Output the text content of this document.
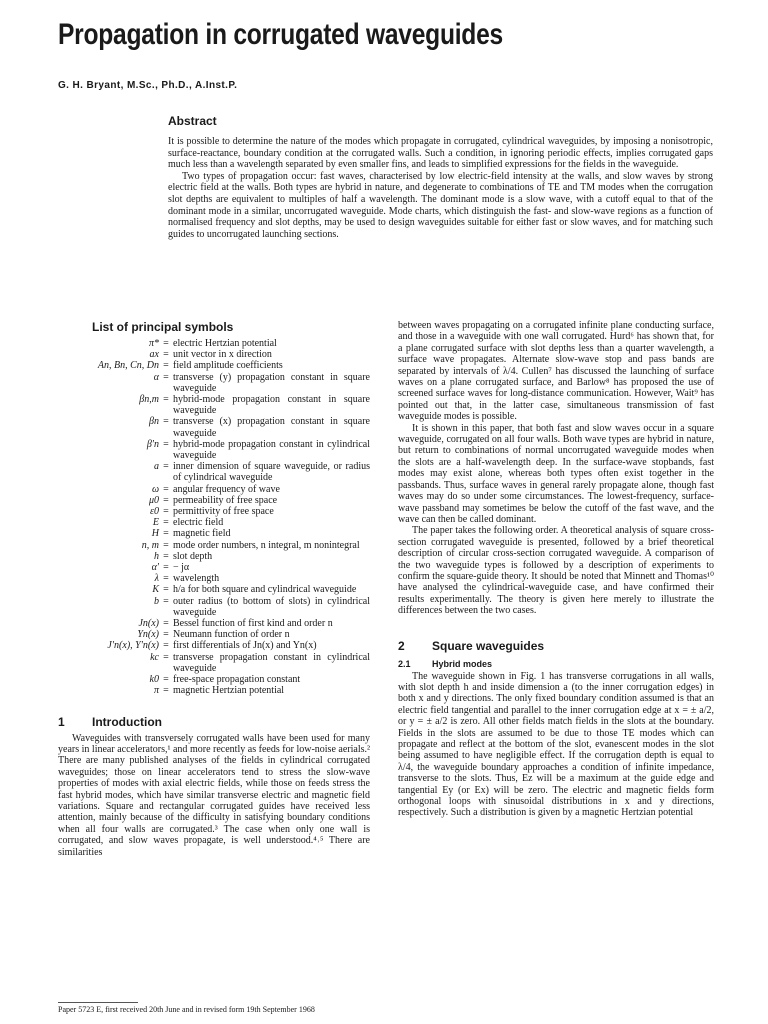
Propagation in corrugated waveguides
G. H. Bryant, M.Sc., Ph.D., A.Inst.P.
Abstract

It is possible to determine the nature of the modes which propagate in corrugated, cylindrical waveguides, by imposing a nonisotropic, surface-reactance, boundary condition at the corrugated walls. Such a condition, in ignoring periodic effects, implies corrugated gaps much less than a wavelength separated by even smaller fins, and leads to simplified expressions for the fields in the waveguide.

Two types of propagation occur: fast waves, characterised by low electric-field intensity at the walls, and slow waves by strong electric field at the walls. Both types are hybrid in nature, and degenerate to combinations of TE and TM modes when the corrugation slot depths are equivalent to multiples of half a wavelength. The dominant mode is a slow wave, with a cutoff equal to that of the dominant mode in a similar, uncorrugated waveguide. Mode charts, which distinguish the fast- and slow-wave regions as a function of normalised frequency and slot depths, may be used to design waveguides suitable for either fast or slow waves, and for matching such guides to uncorrugated launching sections.

List of principal symbols
π* = electric Hertzian potential
ax = unit vector in x direction
An, Bn, Cn, Dn = field amplitude coefficients
α = transverse (y) propagation constant in square waveguide
βn,m = hybrid-mode propagation constant in square waveguide
βn = transverse (x) propagation constant in square waveguide
β′n = hybrid-mode propagation constant in cylindrical waveguide
a = inner dimension of square waveguide, or radius of cylindrical waveguide
ω = angular frequency of wave
μ0 = permeability of free space
ε0 = permittivity of free space
E = electric field
H = magnetic field
n, m = mode order numbers, n integral, m nonintegral
h = slot depth
α′ = − jα
λ = wavelength
K = h/a for both square and cylindrical waveguide
b = outer radius (to bottom of slots) in cylindrical waveguide
Jn(x) = Bessel function of first kind and order n
Yn(x) = Neumann function of order n
J′n(x), Y′n(x) = first differentials of Jn(x) and Yn(x)
kc = transverse propagation constant in cylindrical waveguide
k0 = free-space propagation constant
π = magnetic Hertzian potential
1	Introduction

Waveguides with transversely corrugated walls have been used for many years in linear accelerators,¹ and more recently as feeds for low-noise aerials.² There are many published analyses of the fields in cylindrical corrugated waveguides; those on linear accelerators tend to stress the slow-wave properties of modes with axial electric fields, while those on feeds stress the fast hybrid modes, which have similar transverse electric and magnetic field variations. Square and rectangular corrugated guides have received less attention, mainly because of the difficulty in satisfying boundary conditions when all four walls are corrugated.³ The case when only one wall is corrugated, and slow waves propagate, is well understood.⁴˒⁵ There are similarities

between waves propagating on a corrugated infinite plane conducting surface, and those in a waveguide with one wall corrugated. Hurd⁶ has shown that, for a plane corrugated surface with slot depths less than a quarter wavelength, a surface wave propagates. Alternate slow-wave stop and pass bands are separated by intervals of λ/4. Cullen⁷ has discussed the launching of surface waves on a plane corrugated surface, and Barlow⁸ has proposed the use of screened surface waves for long-distance communication. However, Wait⁹ has pointed out that, in the latter case, simultaneous transmission of fast waveguide modes is possible.

It is shown in this paper, that both fast and slow waves occur in a square waveguide, corrugated on all four walls. Both wave types are hybrid in nature, but return to combinations of normal uncorrugated waveguide modes when the slots are a half-wavelength deep. In the surface-wave stopbands, fast modes may exist alone, whereas both types often exist together in the passbands. Thus, surface waves in general rarely propagate alone, though fast waves may do so under some circumstances. The lowest-frequency, surface-wave passband may sometimes be below the cutoff of the fast wave, and the wave can then be called dominant.

The paper takes the following order. A theoretical analysis of square cross-section corrugated waveguide is presented, followed by a brief theoretical description of circular cross-section corrugated waveguide. A comparison of the two waveguide types is followed by a description of experiments to confirm the square-guide theory. It should be noted that Minnett and Thomas¹⁰ have analysed the cylindrical-waveguide case, and have confirmed their results experimentally. The theory is given here merely to illustrate the differences between the two cases.

2	Square waveguides
2.1	Hybrid modes

The waveguide shown in Fig. 1 has transverse corrugations in all walls, with slot depth h and inside dimension a (to the inner corrugation edges) in both x and y directions. The only fixed boundary condition assumed is that an electric field tangential and parallel to the inner corrugation edge at x = ± a/2, or y = ± a/2 is zero. All other fields match fields in the slots at the boundary. Fields in the slots are assumed to be due to those TE modes which can propagate and reflect at the bottom of the slot, evanescent modes in the slot being assumed to have negligible effect. If the corrugation depth is equal to λ/4, the waveguide boundary approaches a condition of infinite impedance, transverse to the slots. Thus, Ez will be a maximum at the guide edge and tangential Ey (or Ex) will be zero. The electric and magnetic fields form orthogonal loops with sinusoidal distributions in x and y directions, respectively. Such a distribution is given by a magnetic Hertzian potential

Paper 5723 E, first received 20th June and in revised form 19th September 1968
